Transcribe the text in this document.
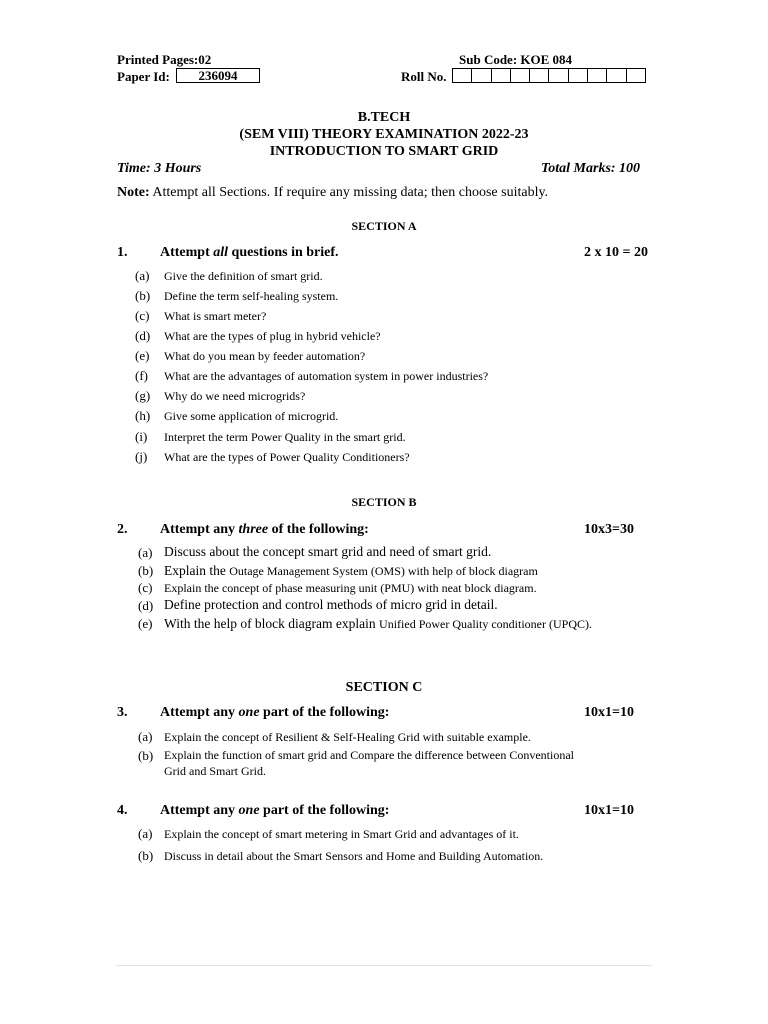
Printed Pages:02	Sub Code: KOE 084
Paper Id:	236094	Roll No.
B.TECH
(SEM VIII) THEORY EXAMINATION 2022-23
INTRODUCTION TO SMART GRID
Time: 3 Hours	Total Marks: 100
Note: Attempt all Sections. If require any missing data; then choose suitably.
SECTION A
1. Attempt all questions in brief.	2 x 10 = 20
(a) Give the definition of smart grid.
(b) Define the term self-healing system.
(c) What is smart meter?
(d) What are the types of plug in hybrid vehicle?
(e) What do you mean by feeder automation?
(f) What are the advantages of automation system in power industries?
(g) Why do we need microgrids?
(h) Give some application of microgrid.
(i) Interpret the term Power Quality in the smart grid.
(j) What are the types of Power Quality Conditioners?
SECTION B
2. Attempt any three of the following:	10x3=30
(a) Discuss about the concept smart grid and need of smart grid.
(b) Explain the Outage Management System (OMS) with help of block diagram
(c) Explain the concept of phase measuring unit (PMU) with neat block diagram.
(d) Define protection and control methods of micro grid in detail.
(e) With the help of block diagram explain Unified Power Quality conditioner (UPQC).
SECTION C
3. Attempt any one part of the following:	10x1=10
(a) Explain the concept of Resilient & Self-Healing Grid with suitable example.
(b) Explain the function of smart grid and Compare the difference between Conventional
Grid and Smart Grid.
4. Attempt any one part of the following:	10x1=10
(a) Explain the concept of smart metering in Smart Grid and advantages of it.
(b) Discuss in detail about the Smart Sensors and Home and Building Automation.
